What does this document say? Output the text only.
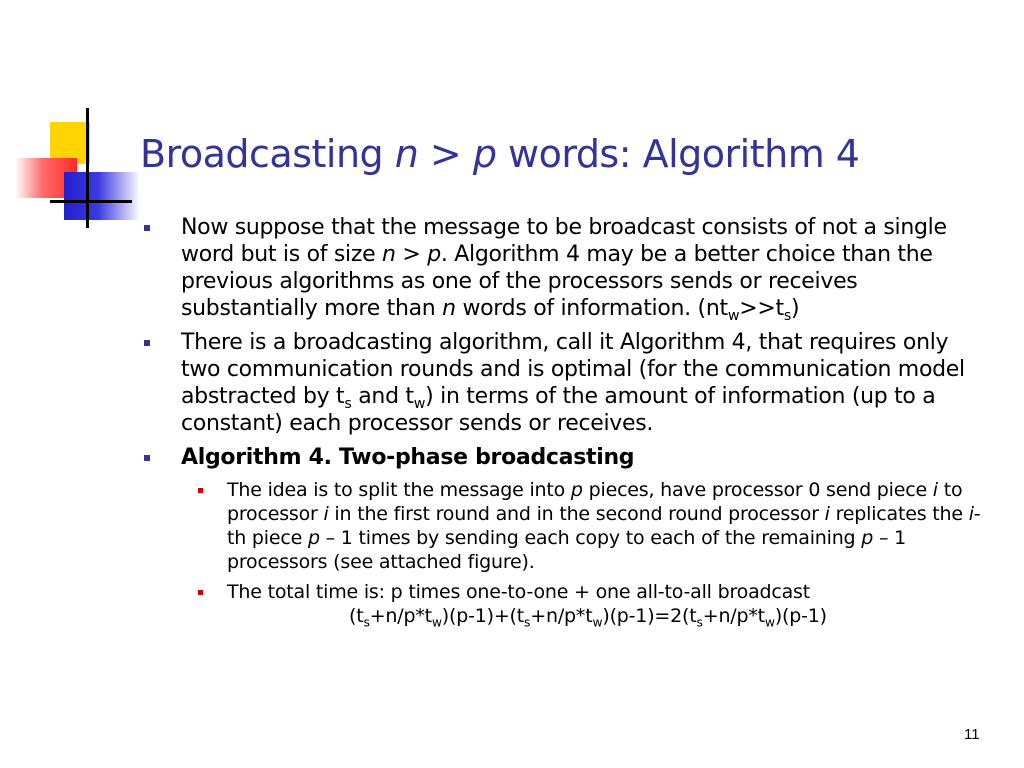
Broadcasting n > p words: Algorithm 4
Now suppose that the message to be broadcast consists of not a single word but is of size n > p. Algorithm 4 may be a better choice than the previous algorithms as one of the processors sends or receives substantially more than n words of information. $(nt_w>>t_s)$
There is a broadcasting algorithm, call it Algorithm 4, that requires only two communication rounds and is optimal (for the communication model abstracted by $t_s$ and $t_w$) in terms of the amount of information (up to a constant) each processor sends or receives.
Algorithm 4. Two-phase broadcasting
The idea is to split the message into p pieces, have processor 0 send piece i to processor i in the first round and in the second round processor i replicates the i-th piece p – 1 times by sending each copy to each of the remaining p – 1 processors (see attached figure).
The total time is: p times one-to-one + one all-to-all broadcast
$(t_s+n/p*t_w)(p-1)+(t_s+n/p*t_w)(p-1)=2(t_s+n/p*t_w)(p-1)$
11
